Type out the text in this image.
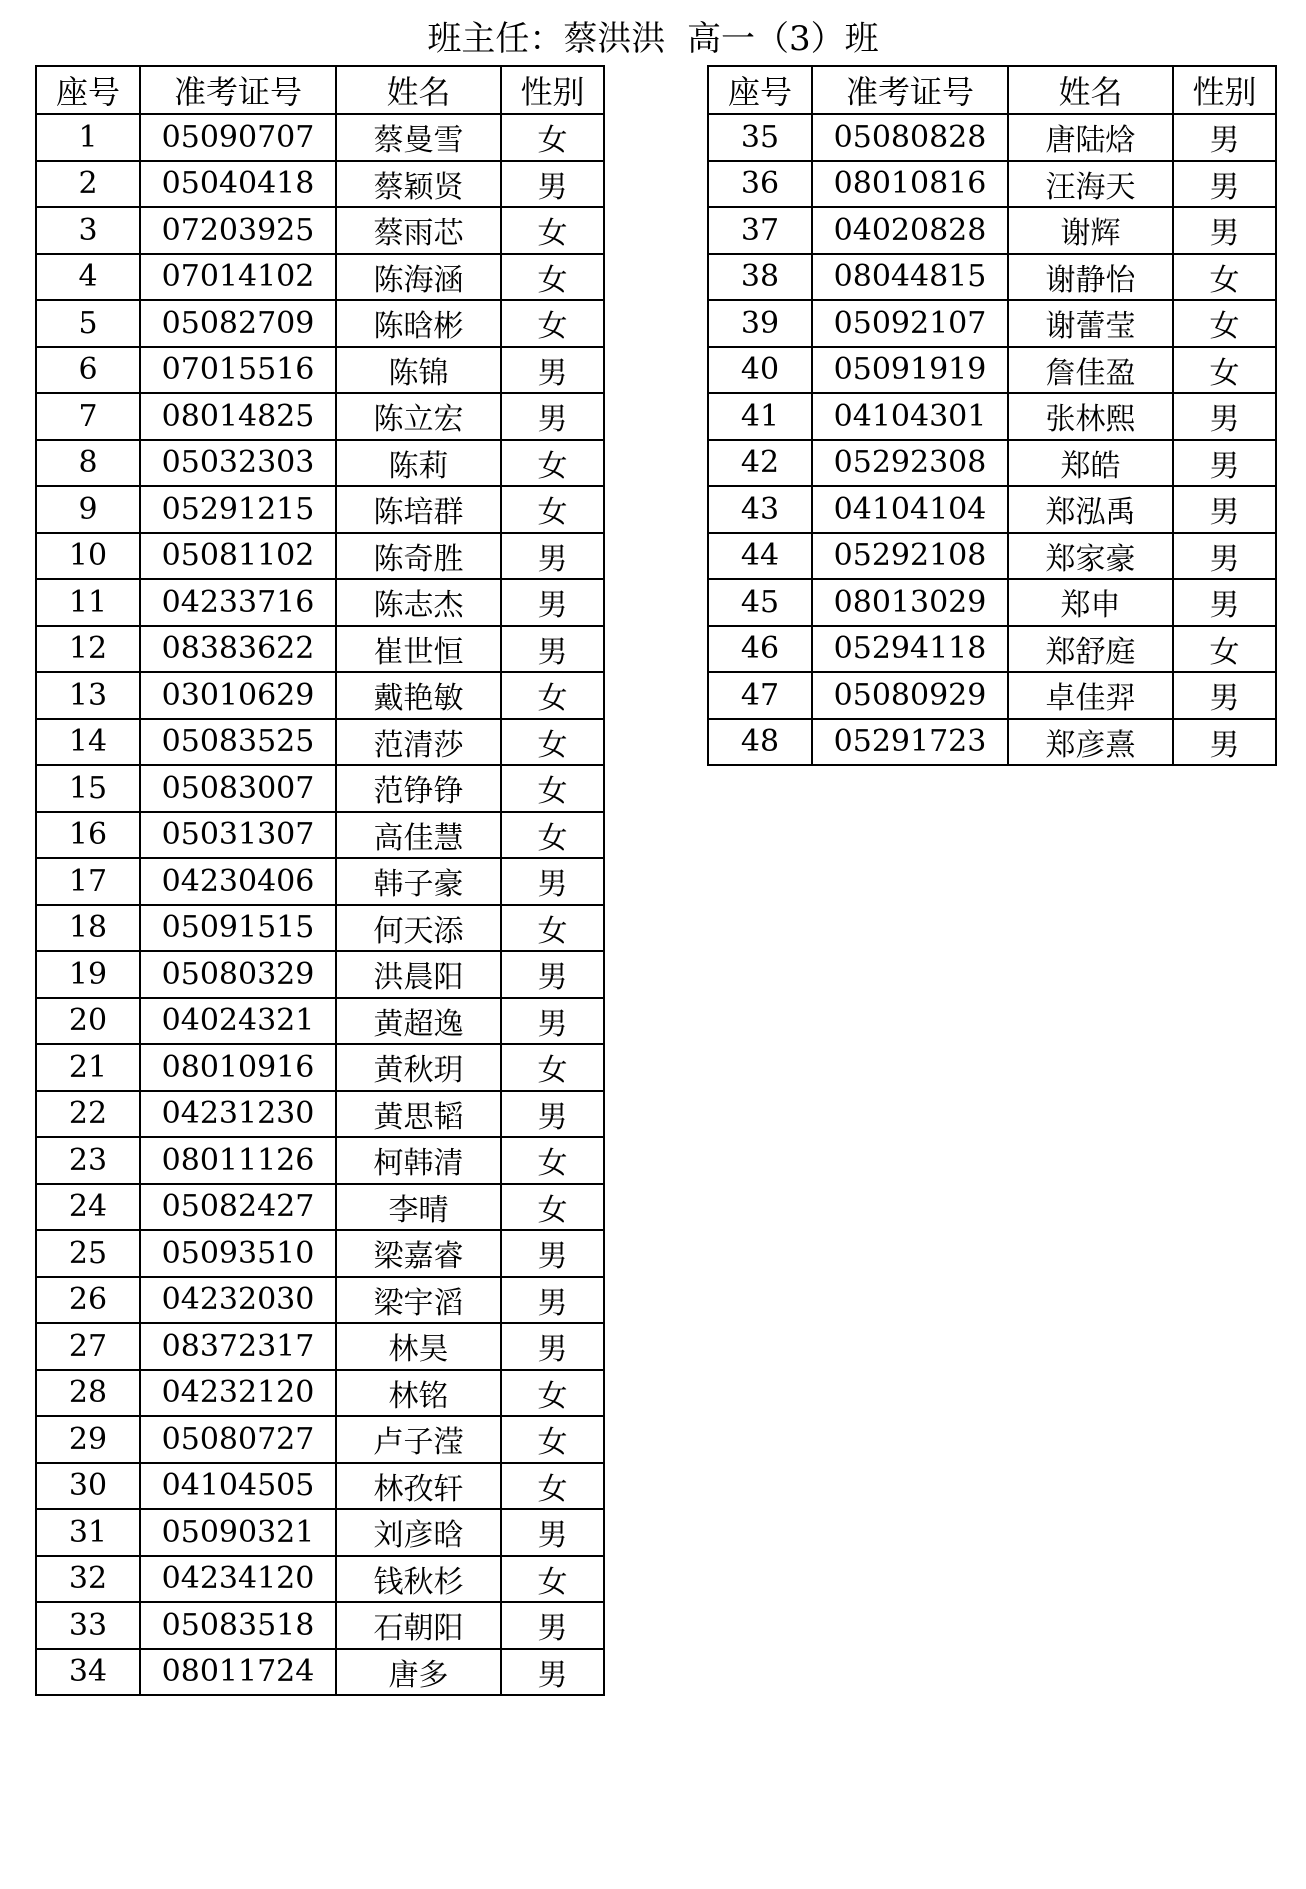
班主任：蔡洪洪  高一（3）班
座号	准考证号	姓名	性别
1	05090707	蔡曼雪	女
2	05040418	蔡颖贤	男
3	07203925	蔡雨芯	女
4	07014102	陈海涵	女
5	05082709	陈晗彬	女
6	07015516	陈锦	男
7	08014825	陈立宏	男
8	05032303	陈莉	女
9	05291215	陈培群	女
10	05081102	陈奇胜	男
11	04233716	陈志杰	男
12	08383622	崔世恒	男
13	03010629	戴艳敏	女
14	05083525	范清莎	女
15	05083007	范铮铮	女
16	05031307	高佳慧	女
17	04230406	韩子豪	男
18	05091515	何天添	女
19	05080329	洪晨阳	男
20	04024321	黄超逸	男
21	08010916	黄秋玥	女
22	04231230	黄思韬	男
23	08011126	柯韩清	女
24	05082427	李晴	女
25	05093510	梁嘉睿	男
26	04232030	梁宇滔	男
27	08372317	林昊	男
28	04232120	林铭	女
29	05080727	卢子滢	女
30	04104505	林孜轩	女
31	05090321	刘彦晗	男
32	04234120	钱秋杉	女
33	05083518	石朝阳	男
34	08011724	唐多	男
座号	准考证号	姓名	性别
35	05080828	唐陆焓	男
36	08010816	汪海天	男
37	04020828	谢辉	男
38	08044815	谢静怡	女
39	05092107	谢蕾莹	女
40	05091919	詹佳盈	女
41	04104301	张林熙	男
42	05292308	郑皓	男
43	04104104	郑泓禹	男
44	05292108	郑家豪	男
45	08013029	郑申	男
46	05294118	郑舒庭	女
47	05080929	卓佳羿	男
48	05291723	郑彦熹	男
